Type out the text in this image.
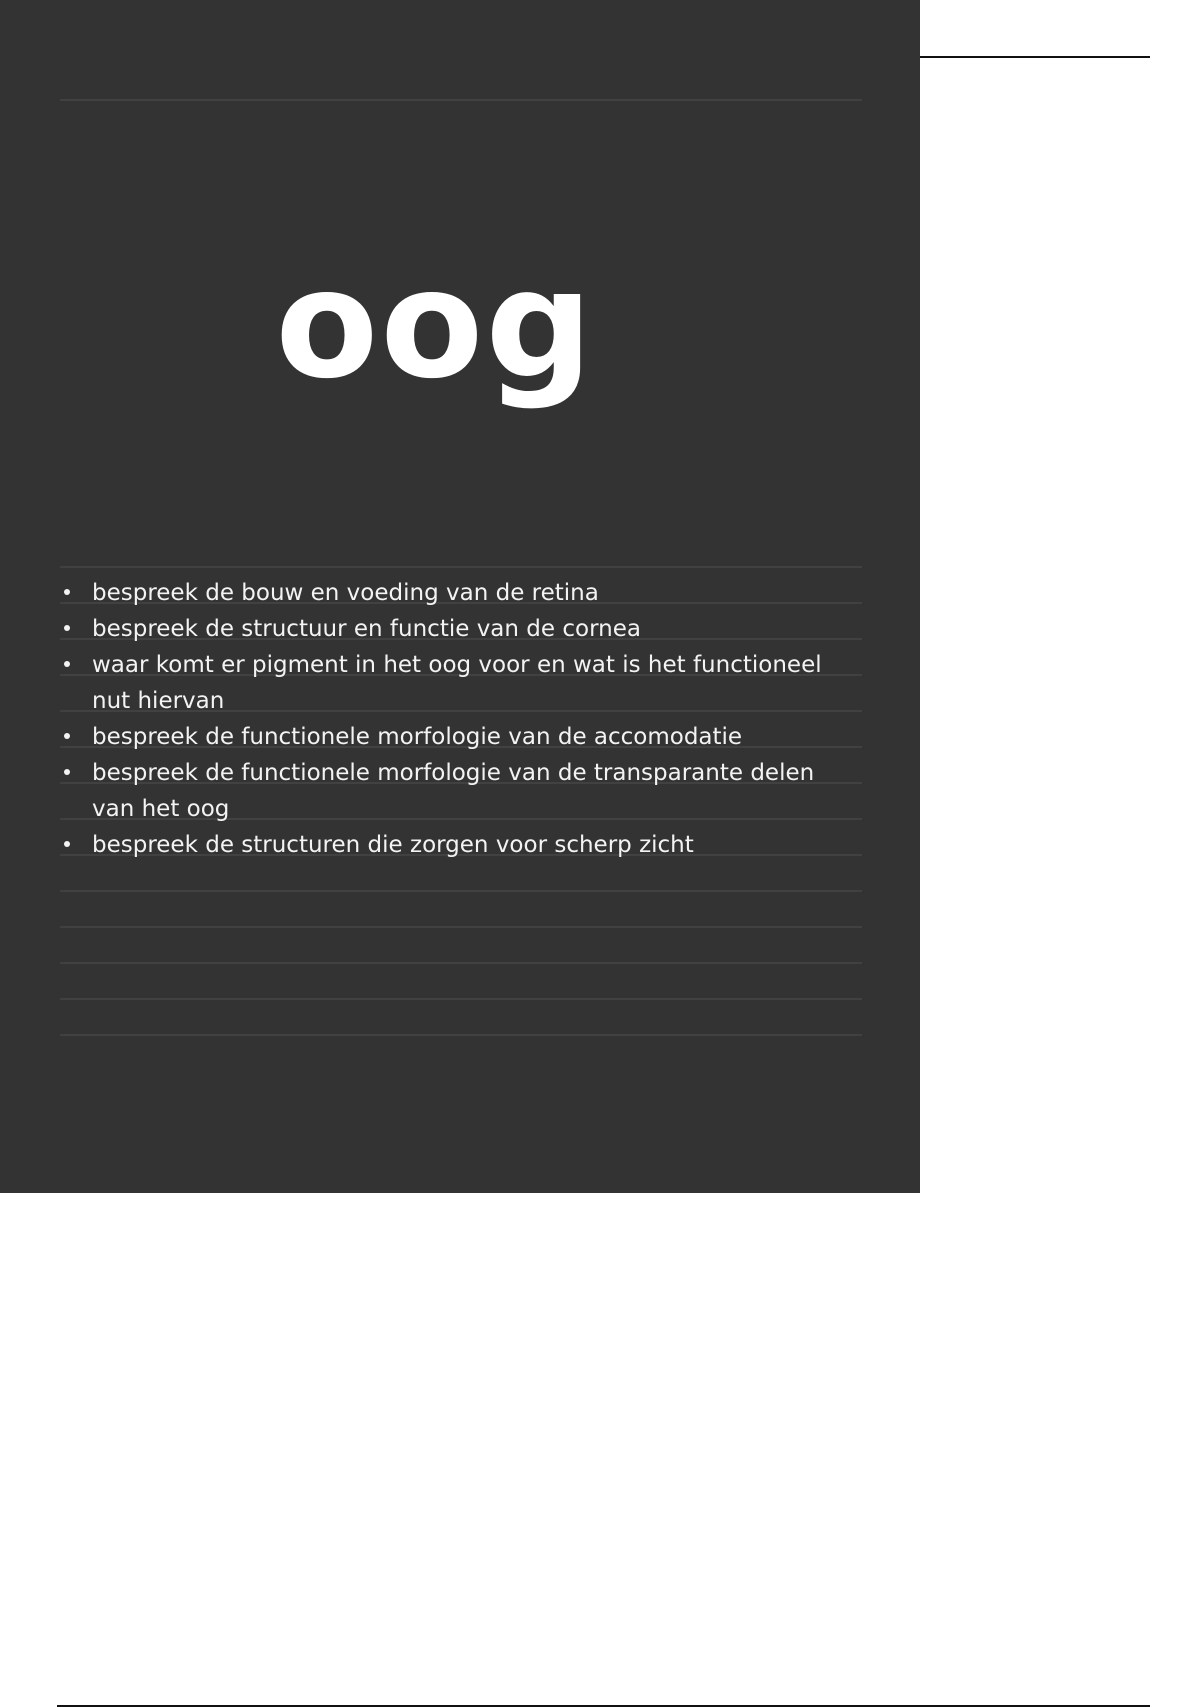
oog
bespreek de bouw en voeding van de retina
bespreek de structuur en functie van de cornea
waar komt er pigment in het oog voor en wat is het functioneel nut hiervan
bespreek de functionele morfologie van de accomodatie
bespreek de functionele morfologie van de transparante delen van het oog
bespreek de structuren die zorgen voor scherp zicht
